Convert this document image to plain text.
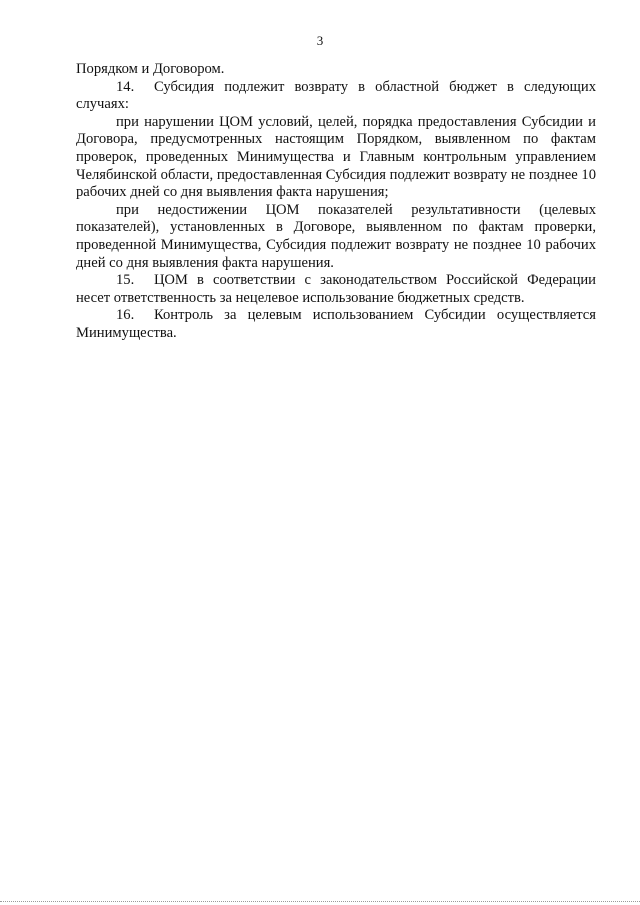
3

Порядком и Договором.

14. Субсидия подлежит возврату в областной бюджет в следующих случаях:

при нарушении ЦОМ условий, целей, порядка предоставления Субсидии и Договора, предусмотренных настоящим Порядком, выявленном по фактам проверок, проведенных Минимущества и Главным контрольным управлением Челябинской области, предоставленная Субсидия подлежит возврату не позднее 10 рабочих дней со дня выявления факта нарушения;

при недостижении ЦОМ показателей результативности (целевых показателей), установленных в Договоре, выявленном по фактам проверки, проведенной Минимущества, Субсидия подлежит возврату не позднее 10 рабочих дней со дня выявления факта нарушения.

15. ЦОМ в соответствии с законодательством Российской Федерации несет ответственность за нецелевое использование бюджетных средств.

16. Контроль за целевым использованием Субсидии осуществляется Минимущества.
